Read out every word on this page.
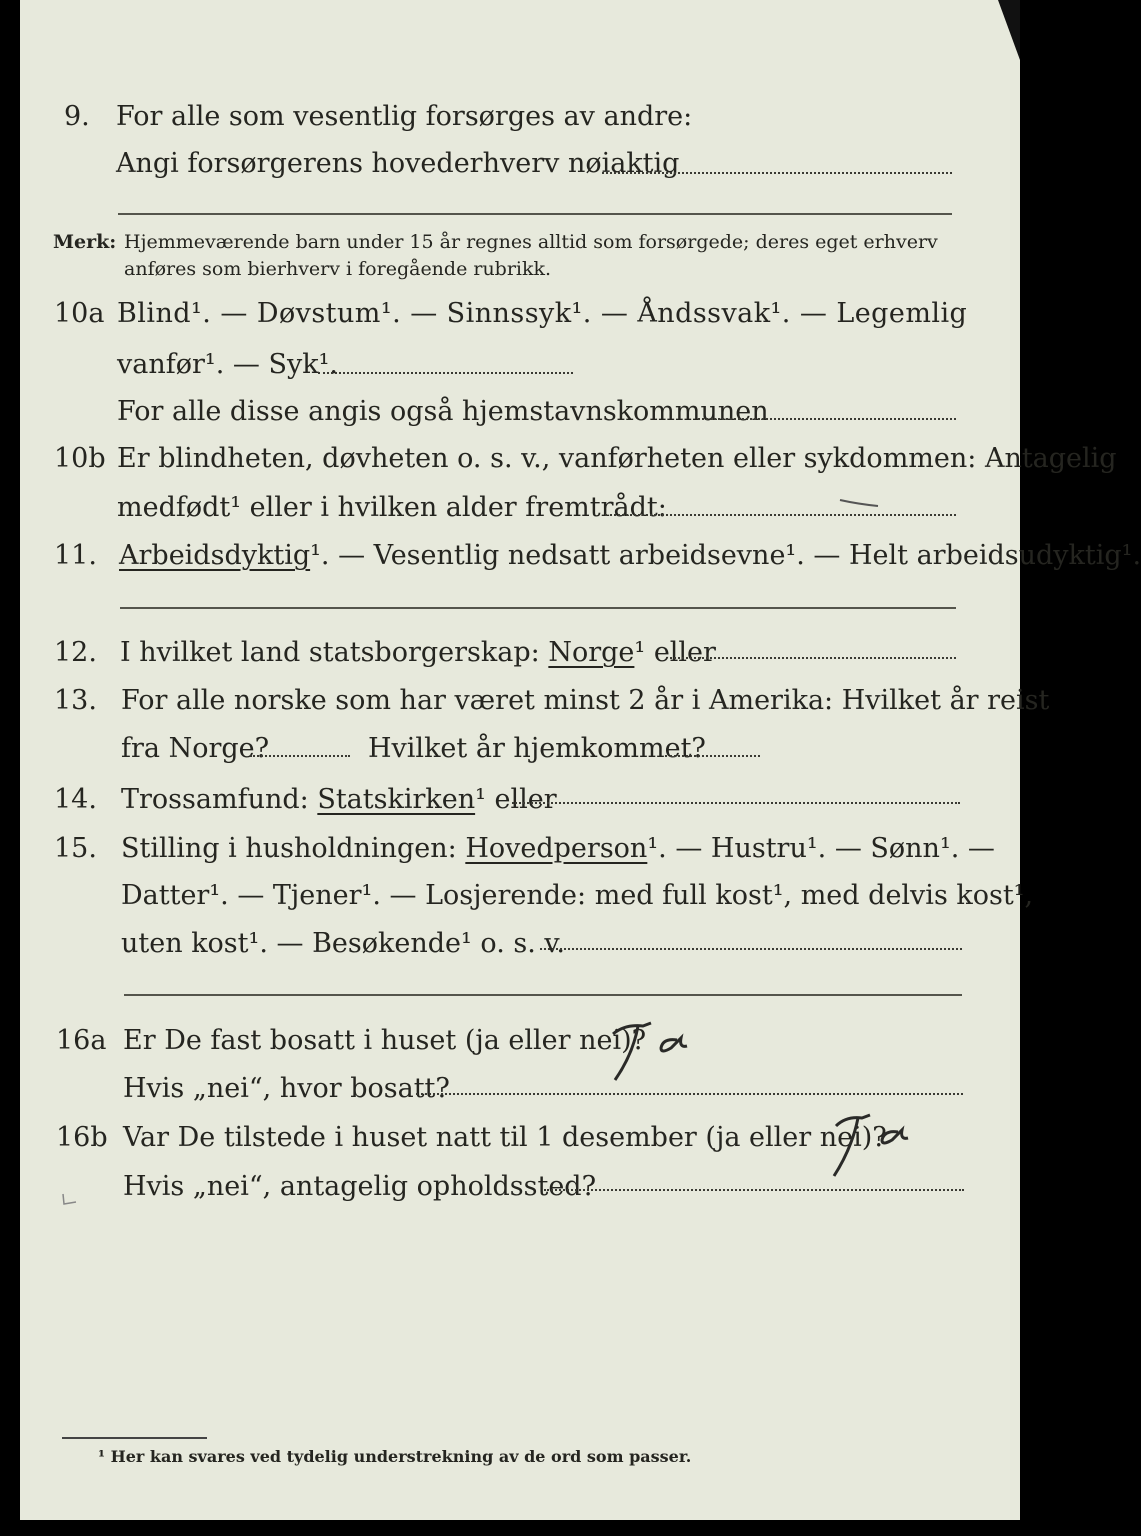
9. For alle som vesentlig forsørges av andre:
Angi forsørgerens hovederhverv nøiaktig
Merk: Hjemmeværende barn under 15 år regnes alltid som forsørgede; deres eget erhverv
anføres som bierhverv i foregående rubrikk.
10a Blind¹. — Døvstum¹. — Sinnssyk¹. — Åndssvak¹. — Legemlig
vanfør¹. — Syk¹.
For alle disse angis også hjemstavnskommunen
10b Er blindheten, døvheten o. s. v., vanførheten eller sykdommen: Antagelig
medfødt¹ eller i hvilken alder fremtrådt:
11. Arbeidsdyktig¹. — Vesentlig nedsatt arbeidsevne¹. — Helt arbeidsudyktig¹.
12. I hvilket land statsborgerskap: Norge¹ eller
13. For alle norske som har været minst 2 år i Amerika: Hvilket år reist
fra Norge?	Hvilket år hjemkommet?
14. Trossamfund: Statskirken¹ eller
15. Stilling i husholdningen: Hovedperson¹. — Hustru¹. — Sønn¹. —
Datter¹. — Tjener¹. — Losjerende: med full kost¹, med delvis kost¹,
uten kost¹. — Besøkende¹ o. s. v.
16a Er De fast bosatt i huset (ja eller nei)?
Ja
Hvis „nei“, hvor bosatt?
16b Var De tilstede i huset natt til 1 desember (ja eller nei)?
Ja
Hvis „nei“, antagelig opholdssted?
¹ Her kan svares ved tydelig understrekning av de ord som passer.
